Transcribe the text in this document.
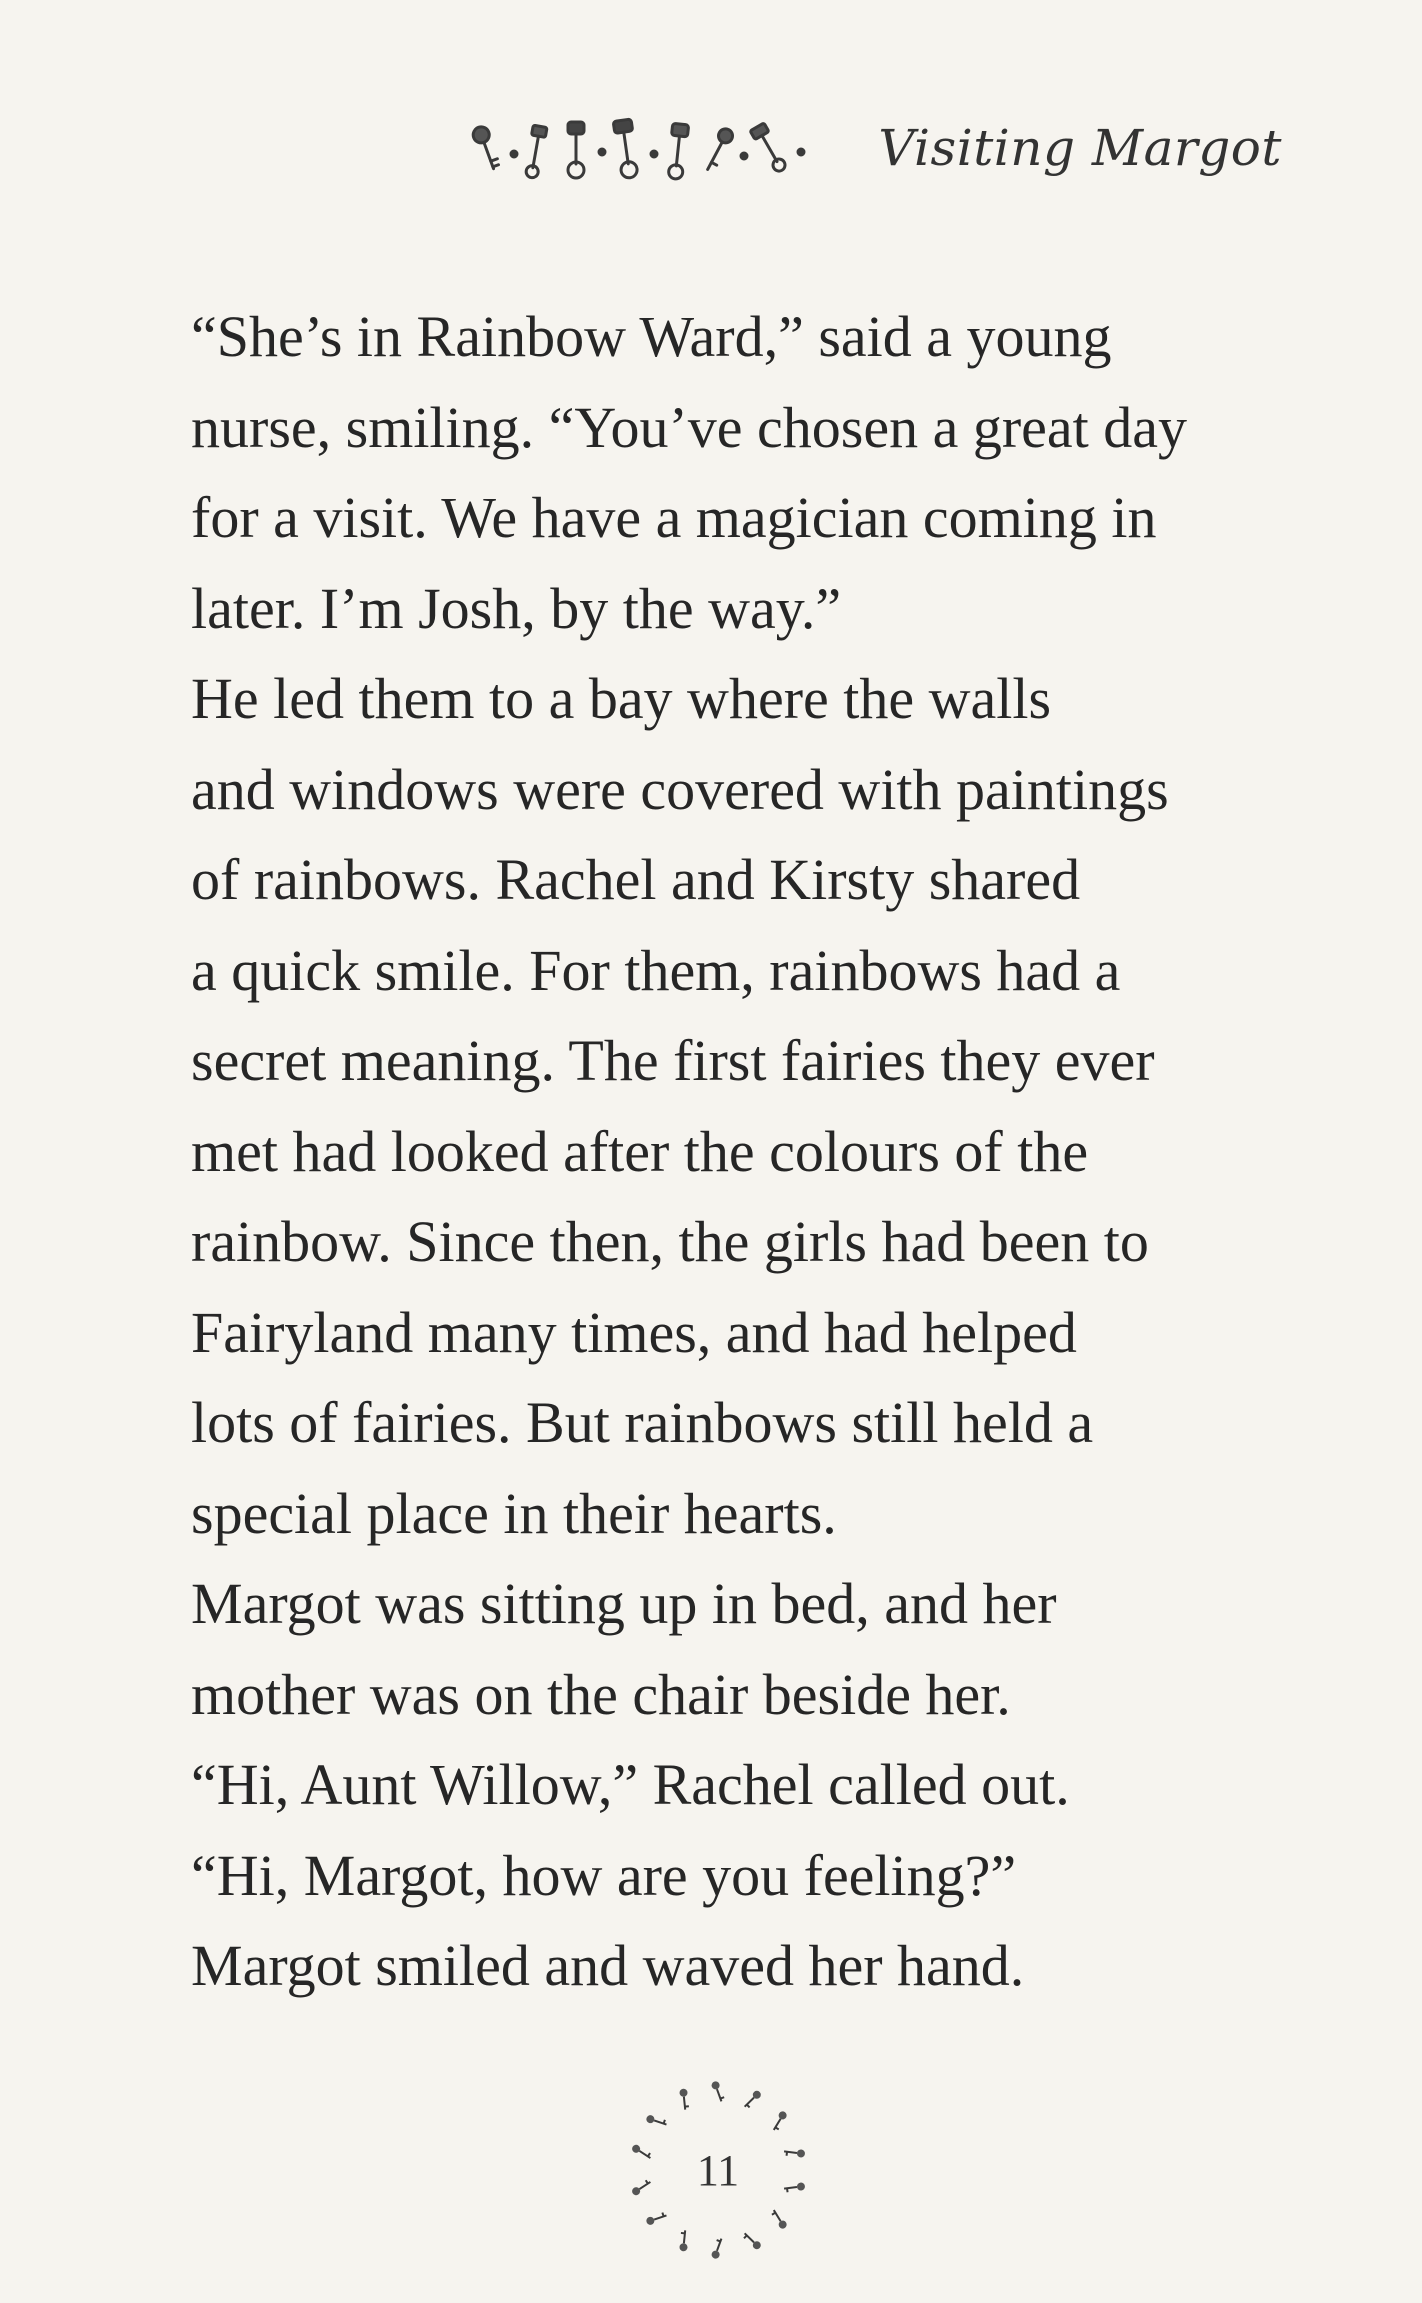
Visiting Margot

“She’s in Rainbow Ward,” said a young
nurse, smiling. “You’ve chosen a great day
for a visit. We have a magician coming in
later. I’m Josh, by the way.”

He led them to a bay where the walls
and windows were covered with paintings
of rainbows. Rachel and Kirsty shared
a quick smile. For them, rainbows had a
secret meaning. The first fairies they ever
met had looked after the colours of the
rainbow. Since then, the girls had been to
Fairyland many times, and had helped
lots of fairies. But rainbows still held a
special place in their hearts.

Margot was sitting up in bed, and her
mother was on the chair beside her.

“Hi, Aunt Willow,” Rachel called out.
“Hi, Margot, how are you feeling?”

Margot smiled and waved her hand.

11
